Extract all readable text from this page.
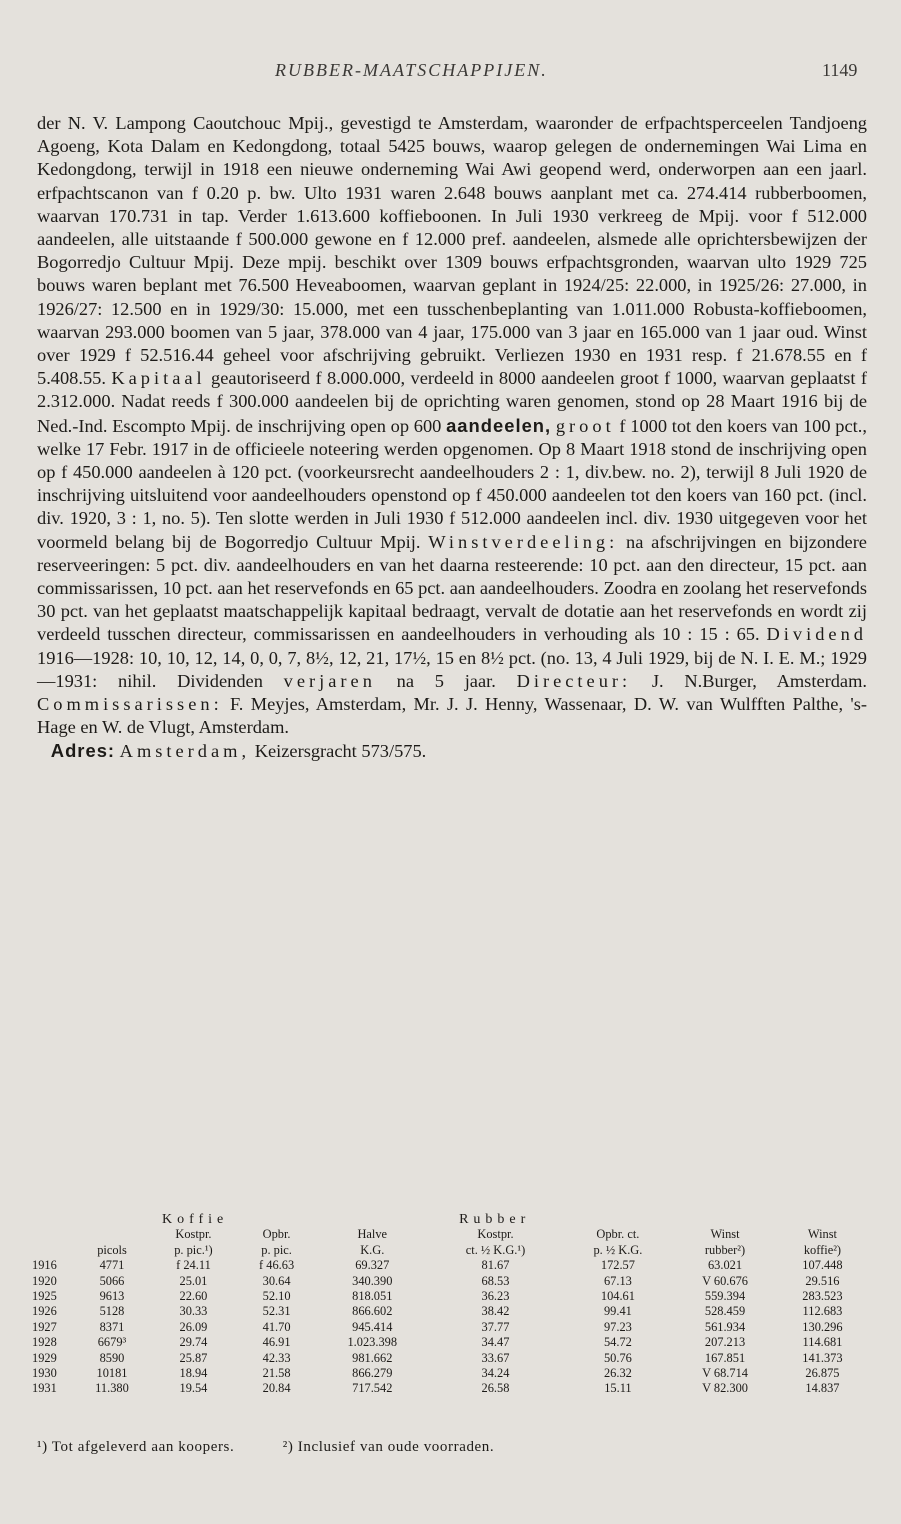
RUBBER-MAATSCHAPPIJEN.	1149

der N. V. Lampong Caoutchouc Mpij., gevestigd te Amsterdam, waaronder de erfpachtsperceelen Tandjoeng Agoeng, Kota Dalam en Kedongdong, totaal 5425 bouws, waarop gelegen de ondernemingen Wai Lima en Kedongdong, terwijl in 1918 een nieuwe onderneming Wai Awi geopend werd, onderworpen aan een jaarl. erfpachtscanon van f 0.20 p. bw. Ulto 1931 waren 2.648 bouws aanplant met ca. 274.414 rubberboomen, waarvan 170.731 in tap. Verder 1.613.600 koffieboonen. In Juli 1930 verkreeg de Mpij. voor f 512.000 aandeelen, alle uitstaande f 500.000 gewone en f 12.000 pref. aandeelen, alsmede alle oprichtersbewijzen der Bogorredjo Cultuur Mpij. Deze mpij. beschikt over 1309 bouws erfpachtsgronden, waarvan ulto 1929 725 bouws waren beplant met 76.500 Heveaboomen, waarvan geplant in 1924/25: 22.000, in 1925/26: 27.000, in 1926/27: 12.500 en in 1929/30: 15.000, met een tusschenbeplanting van 1.011.000 Robusta-koffieboomen, waarvan 293.000 boomen van 5 jaar, 378.000 van 4 jaar, 175.000 van 3 jaar en 165.000 van 1 jaar oud. Winst over 1929 f 52.516.44 geheel voor afschrijving gebruikt. Verliezen 1930 en 1931 resp. f 21.678.55 en f 5.408.55. Kapitaal geautoriseerd f 8.000.000, verdeeld in 8000 aandeelen groot f 1000, waarvan geplaatst f 2.312.000. Nadat reeds f 300.000 aandeelen bij de oprichting waren genomen, stond op 28 Maart 1916 bij de Ned.-Ind. Escompto Mpij. de inschrijving open op 600 aandeelen, groot f 1000 tot den koers van 100 pct., welke 17 Febr. 1917 in de officieele noteering werden opgenomen. Op 8 Maart 1918 stond de inschrijving open op f 450.000 aandeelen à 120 pct. (voorkeursrecht aandeelhouders 2 : 1, div.bew. no. 2), terwijl 8 Juli 1920 de inschrijving uitsluitend voor aandeelhouders openstond op f 450.000 aandeelen tot den koers van 160 pct. (incl. div. 1920, 3 : 1, no. 5). Ten slotte werden in Juli 1930 f 512.000 aandeelen incl. div. 1930 uitgegeven voor het voormeld belang bij de Bogorredjo Cultuur Mpij. Winstverdeeling: na afschrijvingen en bijzondere reserveeringen: 5 pct. div. aandeelhouders en van het daarna resteerende: 10 pct. aan den directeur, 15 pct. aan commissarissen, 10 pct. aan het reservefonds en 65 pct. aan aandeelhouders. Zoodra en zoolang het reservefonds 30 pct. van het geplaatst maatschappelijk kapitaal bedraagt, vervalt de dotatie aan het reservefonds en wordt zij verdeeld tusschen directeur, commissarissen en aandeelhouders in verhouding als 10 : 15 : 65. Dividend 1916—1928: 10, 10, 12, 14, 0, 0, 7, 8½, 12, 21, 17½, 15 en 8½ pct. (no. 13, 4 Juli 1929, bij de N. I. E. M.; 1929—1931: nihil. Dividenden verjaren na 5 jaar. Directeur: J. N.Burger, Amsterdam. Commissarissen: F. Meyjes, Amsterdam, Mr. J. J. Henny, Wassenaar, D. W. van Wulfften Palthe, 's-Hage en W. de Vlugt, Amsterdam.

Adres: Amsterdam, Keizersgracht 573/575.

	Koffie			Rubber				
		Kostpr.	Opbr.	Halve	Kostpr.	Opbr. ct.	Winst	Winst
	picols	p. pic.¹)	p. pic.	K.G.	ct. ½ K.G.¹)	p. ½ K.G.	rubber²)	koffie²)
1916	4771	f 24.11	f 46.63	69.327	81.67	172.57	63.021	107.448
1920	5066	25.01	30.64	340.390	68.53	67.13	V 60.676	29.516
1925	9613	22.60	52.10	818.051	36.23	104.61	559.394	283.523
1926	5128	30.33	52.31	866.602	38.42	99.41	528.459	112.683
1927	8371	26.09	41.70	945.414	37.77	97.23	561.934	130.296
1928	6679³	29.74	46.91	1.023.398	34.47	54.72	207.213	114.681
1929	8590	25.87	42.33	981.662	33.67	50.76	167.851	141.373
1930	10181	18.94	21.58	866.279	34.24	26.32	V 68.714	26.875
1931	11.380	19.54	20.84	717.542	26.58	15.11	V 82.300	14.837
¹) Tot afgeleverd aan koopers.	²) Inclusief van oude voorraden.
